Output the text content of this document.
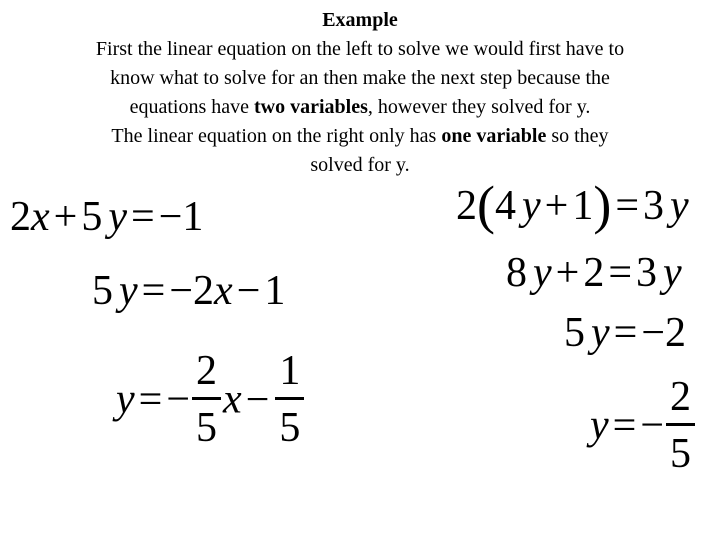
Example
First the linear equation on the left to solve we would first have to
know what to solve for an then make the next step because the
equations have two variables, however they solved for y.
The linear equation on the right only has one variable so they
solved for y.
2x+5 y=−1
5 y=−2x−1
$y=- \frac{2}{5} x- \frac{1}{5}$
2(4 y+1)=3 y
8 y+2=3 y
5 y=−2
$y=- \frac{2}{5}$
